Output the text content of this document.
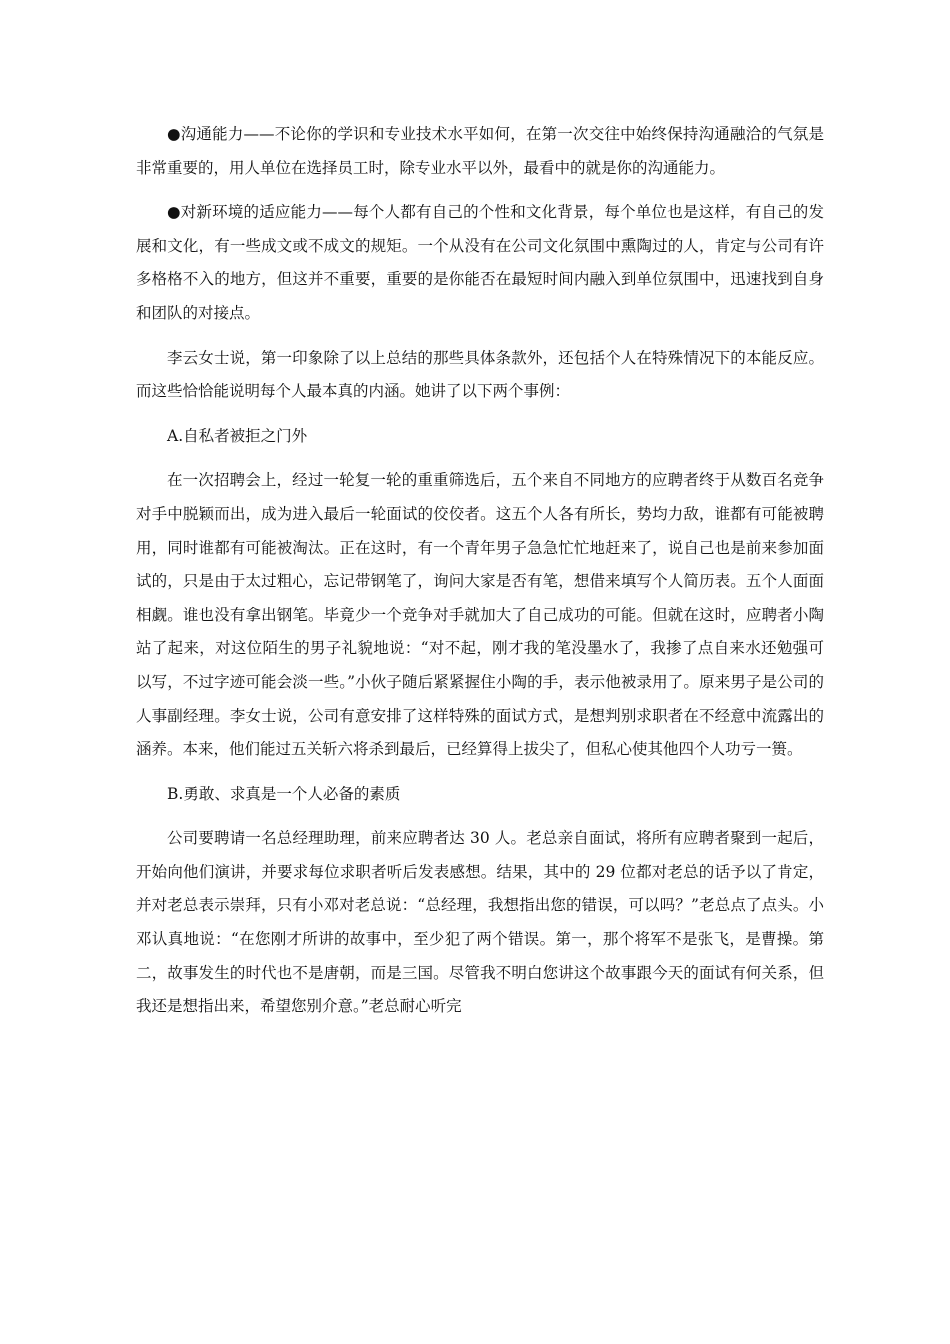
●沟通能力——不论你的学识和专业技术水平如何，在第一次交往中始终保持沟通融洽的气氛是非常重要的，用人单位在选择员工时，除专业水平以外，最看中的就是你的沟通能力。

●对新环境的适应能力——每个人都有自己的个性和文化背景，每个单位也是这样，有自己的发展和文化，有一些成文或不成文的规矩。一个从没有在公司文化氛围中熏陶过的人，肯定与公司有许多格格不入的地方，但这并不重要，重要的是你能否在最短时间内融入到单位氛围中，迅速找到自身和团队的对接点。

李云女士说，第一印象除了以上总结的那些具体条款外，还包括个人在特殊情况下的本能反应。而这些恰恰能说明每个人最本真的内涵。她讲了以下两个事例：

A.自私者被拒之门外

在一次招聘会上，经过一轮复一轮的重重筛选后，五个来自不同地方的应聘者终于从数百名竞争对手中脱颖而出，成为进入最后一轮面试的佼佼者。这五个人各有所长，势均力敌，谁都有可能被聘用，同时谁都有可能被淘汰。正在这时，有一个青年男子急急忙忙地赶来了，说自己也是前来参加面试的，只是由于太过粗心，忘记带钢笔了，询问大家是否有笔，想借来填写个人简历表。五个人面面相觑。谁也没有拿出钢笔。毕竟少一个竞争对手就加大了自己成功的可能。但就在这时，应聘者小陶站了起来，对这位陌生的男子礼貌地说：“对不起，刚才我的笔没墨水了，我掺了点自来水还勉强可以写，不过字迹可能会淡一些。”小伙子随后紧紧握住小陶的手，表示他被录用了。原来男子是公司的人事副经理。李女士说，公司有意安排了这样特殊的面试方式，是想判别求职者在不经意中流露出的涵养。本来，他们能过五关斩六将杀到最后，已经算得上拔尖了，但私心使其他四个人功亏一篑。

B.勇敢、求真是一个人必备的素质

公司要聘请一名总经理助理，前来应聘者达 30 人。老总亲自面试，将所有应聘者聚到一起后，开始向他们演讲，并要求每位求职者听后发表感想。结果，其中的 29 位都对老总的话予以了肯定，并对老总表示崇拜，只有小邓对老总说：“总经理，我想指出您的错误，可以吗？”老总点了点头。小邓认真地说：“在您刚才所讲的故事中，至少犯了两个错误。第一，那个将军不是张飞，是曹操。第二，故事发生的时代也不是唐朝，而是三国。尽管我不明白您讲这个故事跟今天的面试有何关系，但我还是想指出来，希望您别介意。”老总耐心听完
